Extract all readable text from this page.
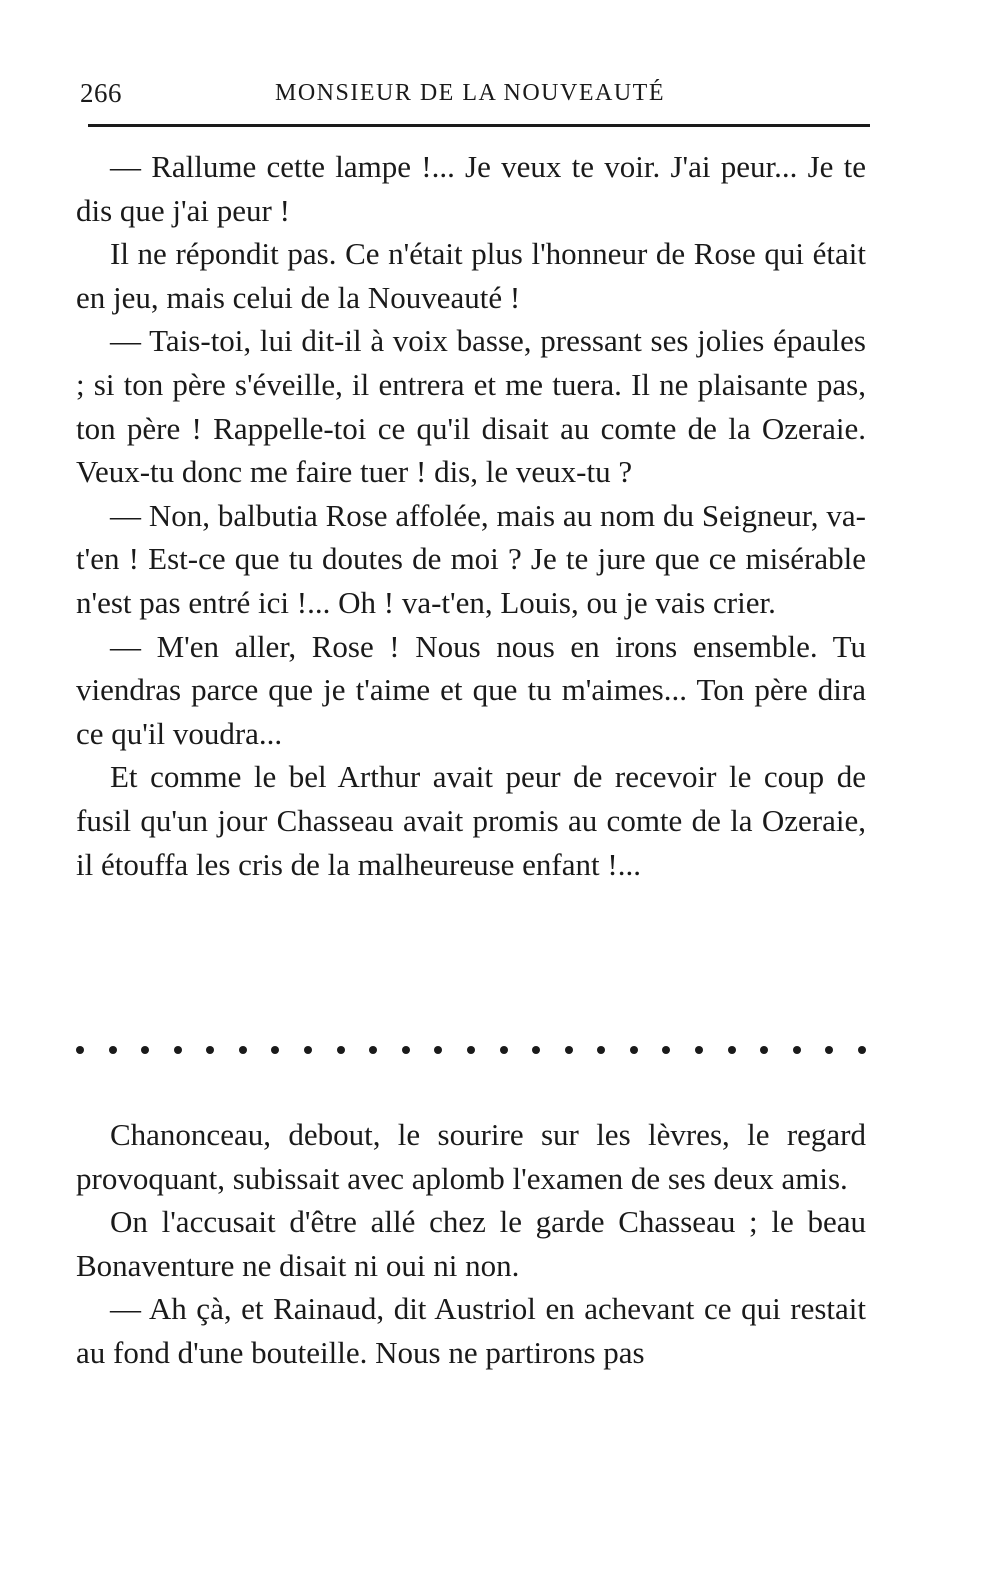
266	MONSIEUR DE LA NOUVEAUTÉ

— Rallume cette lampe !... Je veux te voir. J'ai peur... Je te dis que j'ai peur !

Il ne répondit pas. Ce n'était plus l'honneur de Rose qui était en jeu, mais celui de la Nouveauté !

— Tais-toi, lui dit-il à voix basse, pressant ses jolies épaules ; si ton père s'éveille, il entrera et me tuera. Il ne plaisante pas, ton père ! Rappelle-toi ce qu'il disait au comte de la Ozeraie. Veux-tu donc me faire tuer ! dis, le veux-tu ?

— Non, balbutia Rose affolée, mais au nom du Seigneur, va-t'en ! Est-ce que tu doutes de moi ? Je te jure que ce misérable n'est pas entré ici !... Oh ! va-t'en, Louis, ou je vais crier.

— M'en aller, Rose ! Nous nous en irons ensemble. Tu viendras parce que je t'aime et que tu m'aimes... Ton père dira ce qu'il voudra...

Et comme le bel Arthur avait peur de recevoir le coup de fusil qu'un jour Chasseau avait promis au comte de la Ozeraie, il étouffa les cris de la malheureuse enfant !...

Chanonceau, debout, le sourire sur les lèvres, le regard provoquant, subissait avec aplomb l'examen de ses deux amis.

On l'accusait d'être allé chez le garde Chasseau ; le beau Bonaventure ne disait ni oui ni non.

— Ah çà, et Rainaud, dit Austriol en achevant ce qui restait au fond d'une bouteille. Nous ne partirons pas
